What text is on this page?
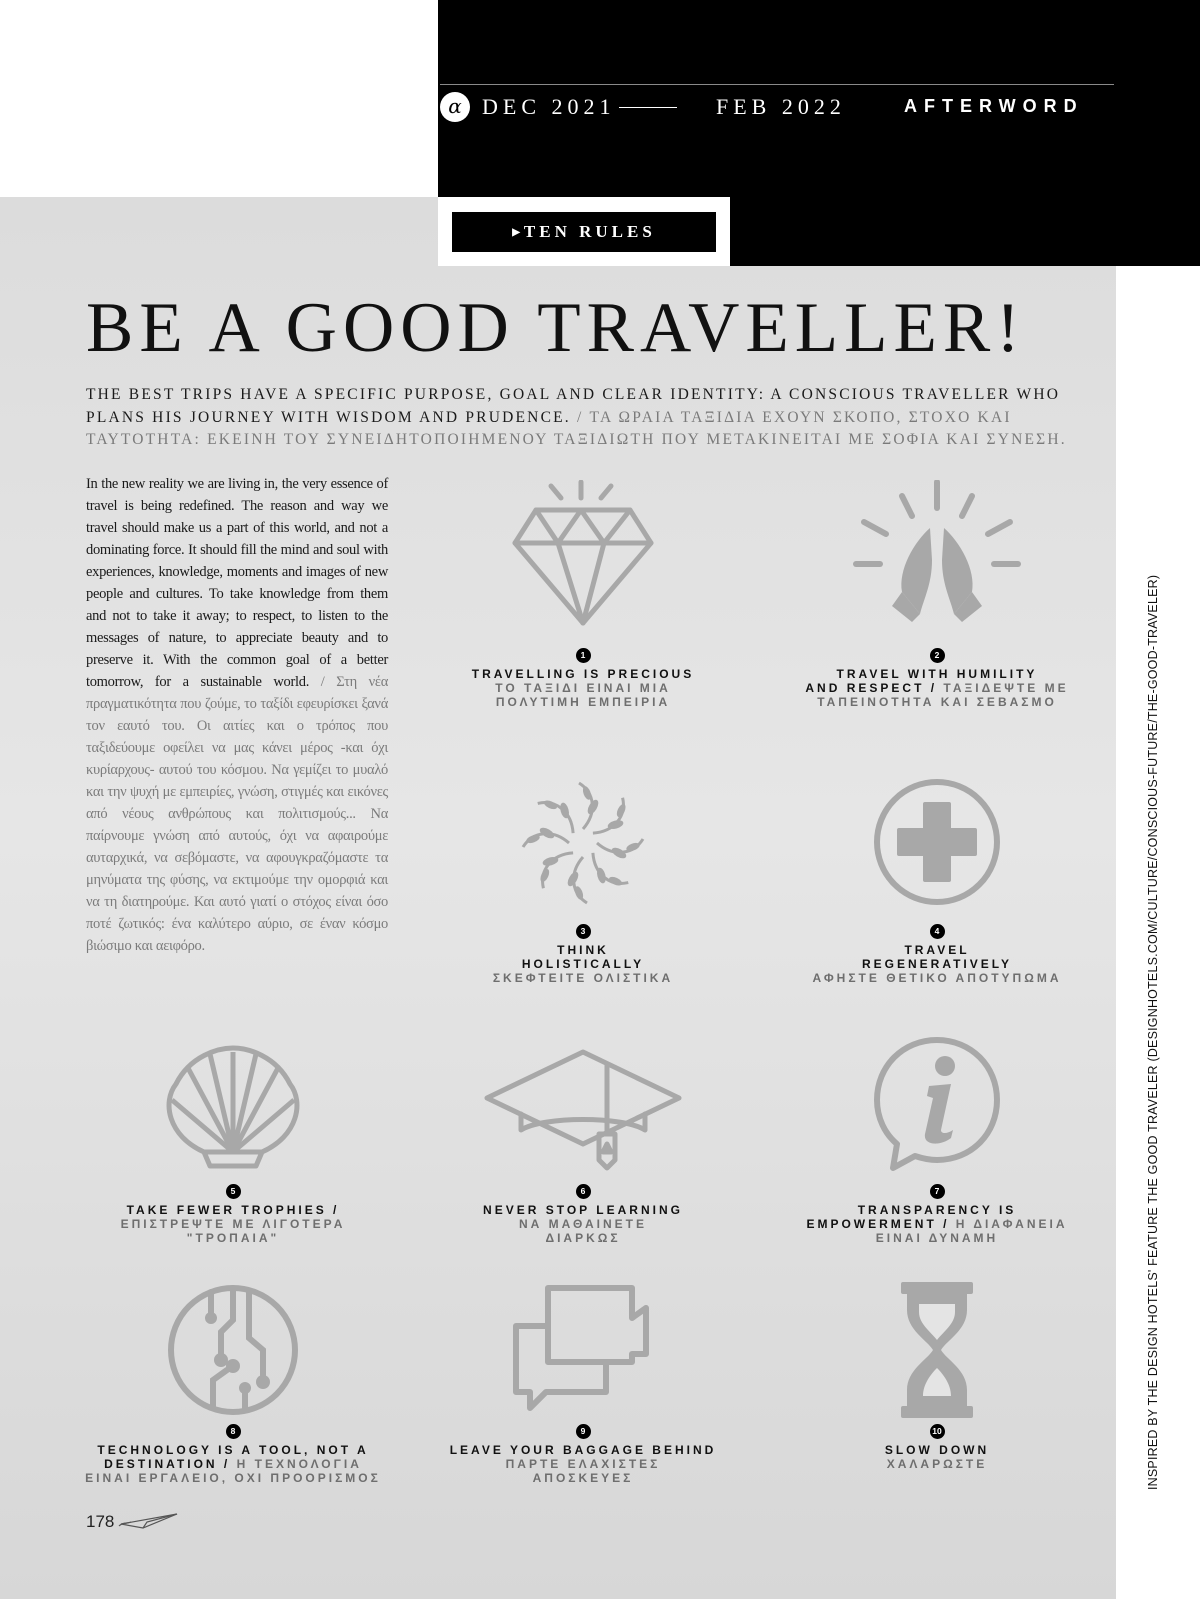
α DEC 2021	FEB 2022	AFTERWORD
▶ TEN RULES
BE A GOOD TRAVELLER!
THE BEST TRIPS HAVE A SPECIFIC PURPOSE, GOAL AND CLEAR IDENTITY: A CONSCIOUS TRAVELLER WHO PLANS HIS JOURNEY WITH WISDOM AND PRUDENCE. / ΤΑ ΩΡΑΙΑ ΤΑΞΙΔΙΑ ΕΧΟΥΝ ΣΚΟΠΟ, ΣΤΟΧΟ ΚΑΙ ΤΑΥΤΟΤΗΤΑ: ΕΚΕΙΝΗ ΤΟΥ ΣΥΝΕΙΔΗΤΟΠΟΙΗΜΕΝΟΥ ΤΑΞΙΔΙΩΤΗ ΠΟΥ ΜΕΤΑΚΙΝΕΙΤΑΙ ΜΕ ΣΟΦΙΑ ΚΑΙ ΣΥΝΕΣΗ.
In the new reality we are living in, the very essence of travel is being redefined. The reason and way we travel should make us a part of this world, and not a dominating force. It should fill the mind and soul with experiences, knowledge, moments and images of new people and cultures. To take knowledge from them and not to take it away; to respect, to listen to the messages of nature, to appreciate beauty and to preserve it. With the common goal of a better tomorrow, for a sustainable world. / Στη νέα πραγματικότητα που ζούμε, το ταξίδι εφευρίσκει ξανά τον εαυτό του. Οι αιτίες και ο τρόπος που ταξιδεύουμε οφείλει να μας κάνει μέρος -και όχι κυρίαρχους- αυτού του κόσμου. Να γεμίζει το μυαλό και την ψυχή με εμπειρίες, γνώση, στιγμές και εικόνες από νέους ανθρώπους και πολιτισμούς... Να παίρνουμε γνώση από αυτούς, όχι να αφαιρούμε αυταρχικά, να σεβόμαστε, να αφουγκραζόμαστε τα μηνύματα της φύσης, να εκτιμούμε την ομορφιά και να τη διατηρούμε. Και αυτό γιατί ο στόχος είναι όσο ποτέ ζωτικός: ένα καλύτερο αύριο, σε έναν κόσμο βιώσιμο και αειφόρο.
1
TRAVELLING IS PRECIOUS
ΤΟ ΤΑΞΙΔΙ ΕΙΝΑΙ ΜΙΑ
ΠΟΛΥΤΙΜΗ ΕΜΠΕΙΡΙΑ
2
TRAVEL WITH HUMILITY
AND RESPECT / ΤΑΞΙΔΕΨΤΕ ΜΕ
ΤΑΠΕΙΝΟΤΗΤΑ ΚΑΙ ΣΕΒΑΣΜΟ
3
THINK
HOLISTICALLY
ΣΚΕΦΤΕΙΤΕ ΟΛΙΣΤΙΚΑ
4
TRAVEL
REGENERATIVELY
ΑΦΗΣΤΕ ΘΕΤΙΚΟ ΑΠΟΤΥΠΩΜΑ
5
TAKE FEWER TROPHIES /
ΕΠΙΣΤΡΕΨΤΕ ΜΕ ΛΙΓΟΤΕΡΑ
"ΤΡΟΠΑΙΑ"
6
NEVER STOP LEARNING
ΝΑ ΜΑΘΑΙΝΕΤΕ
ΔΙΑΡΚΩΣ
7
TRANSPARENCY IS
EMPOWERMENT / Η ΔΙΑΦΑΝΕΙΑ
ΕΙΝΑΙ ΔΥΝΑΜΗ
8
TECHNOLOGY IS A TOOL, NOT A
DESTINATION / Η ΤΕΧΝΟΛΟΓΙΑ
ΕΙΝΑΙ ΕΡΓΑΛΕΙΟ, ΟΧΙ ΠΡΟΟΡΙΣΜΟΣ
9
LEAVE YOUR BAGGAGE BEHIND
ΠΑΡΤΕ ΕΛΑΧΙΣΤΕΣ
ΑΠΟΣΚΕΥΕΣ
10
SLOW DOWN
ΧΑΛΑΡΩΣΤΕ	INSPIRED BY THE DESIGN HOTELS' FEATURE THE GOOD TRAVELER (DESIGNHOTELS.COM/CULTURE/CONSCIOUS-FUTURE/THE-GOOD-TRAVELER)
178
